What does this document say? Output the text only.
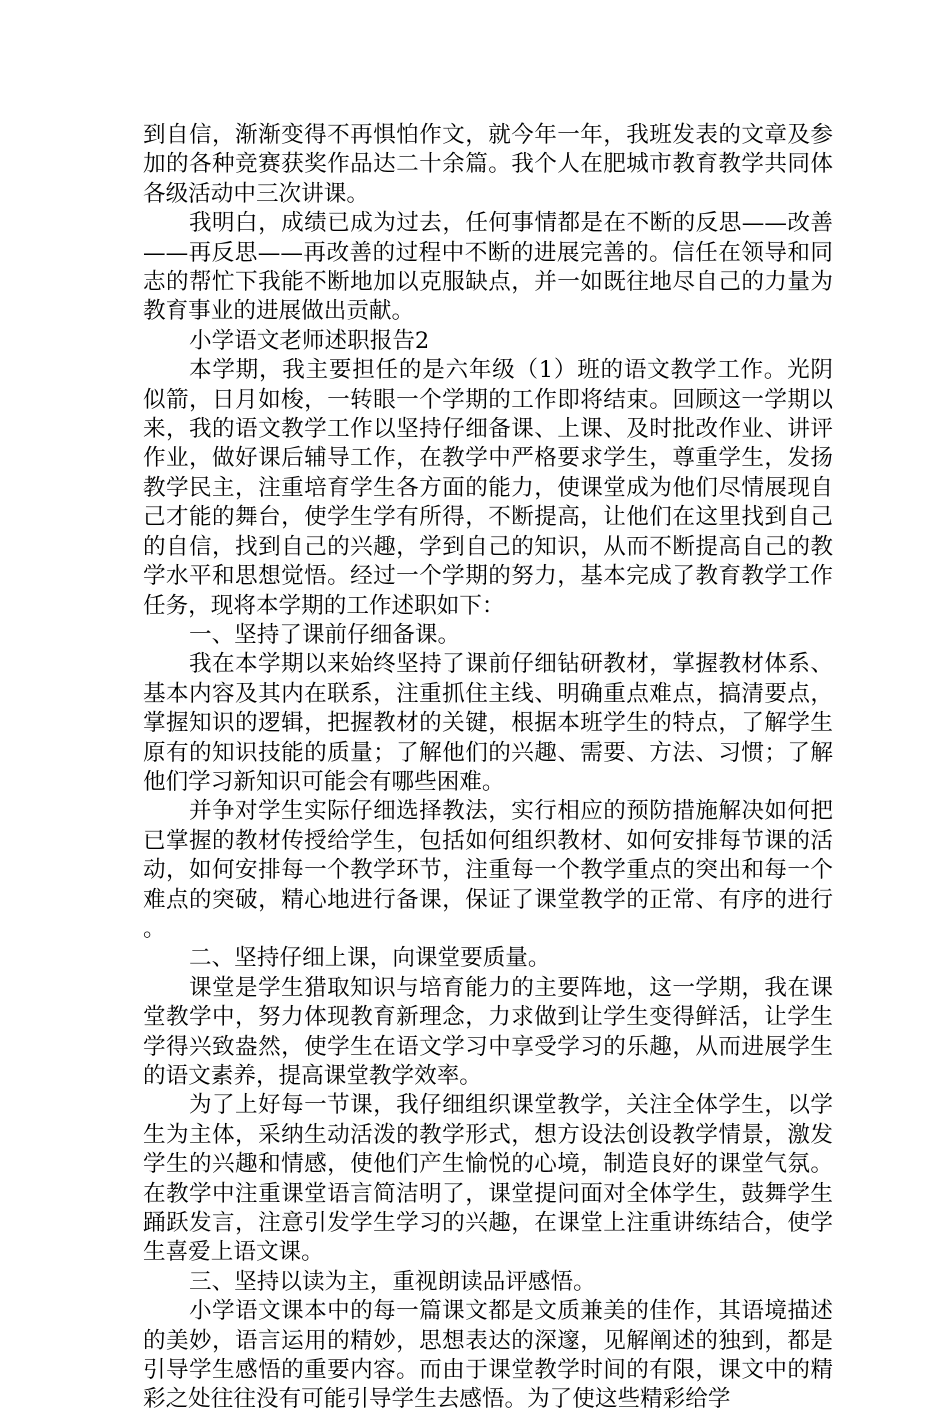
到自信，渐渐变得不再惧怕作文，就今年一年，我班发表的文章及参加的各种竞赛获奖作品达二十余篇。我个人在肥城市教育教学共同体各级活动中三次讲课。

我明白，成绩已成为过去，任何事情都是在不断的反思——改善——再反思——再改善的过程中不断的进展完善的。信任在领导和同志的帮忙下我能不断地加以克服缺点，并一如既往地尽自己的力量为教育事业的进展做出贡献。

小学语文老师述职报告2

本学期，我主要担任的是六年级（1）班的语文教学工作。光阴似箭，日月如梭，一转眼一个学期的工作即将结束。回顾这一学期以来，我的语文教学工作以坚持仔细备课、上课、及时批改作业、讲评作业，做好课后辅导工作，在教学中严格要求学生，尊重学生，发扬教学民主，注重培育学生各方面的能力，使课堂成为他们尽情展现自己才能的舞台，使学生学有所得，不断提高，让他们在这里找到自己的自信，找到自己的兴趣，学到自己的知识，从而不断提高自己的教学水平和思想觉悟。经过一个学期的努力，基本完成了教育教学工作任务，现将本学期的工作述职如下：

一、坚持了课前仔细备课。

我在本学期以来始终坚持了课前仔细钻研教材，掌握教材体系、基本内容及其内在联系，注重抓住主线、明确重点难点，搞清要点，掌握知识的逻辑，把握教材的关键，根据本班学生的特点，了解学生原有的知识技能的质量；了解他们的兴趣、需要、方法、习惯；了解他们学习新知识可能会有哪些困难。

并争对学生实际仔细选择教法，实行相应的预防措施解决如何把已掌握的教材传授给学生，包括如何组织教材、如何安排每节课的活动，如何安排每一个教学环节，注重每一个教学重点的突出和每一个难点的突破，精心地进行备课，保证了课堂教学的正常、有序的进行。

二、坚持仔细上课，向课堂要质量。

课堂是学生猎取知识与培育能力的主要阵地，这一学期，我在课堂教学中，努力体现教育新理念，力求做到让学生变得鲜活，让学生学得兴致盎然，使学生在语文学习中享受学习的乐趣，从而进展学生的语文素养，提高课堂教学效率。

为了上好每一节课，我仔细组织课堂教学，关注全体学生，以学生为主体，采纳生动活泼的教学形式，想方设法创设教学情景，激发学生的兴趣和情感，使他们产生愉悦的心境，制造良好的课堂气氛。在教学中注重课堂语言简洁明了，课堂提问面对全体学生，鼓舞学生踊跃发言，注意引发学生学习的兴趣，在课堂上注重讲练结合，使学生喜爱上语文课。

三、坚持以读为主，重视朗读品评感悟。

小学语文课本中的每一篇课文都是文质兼美的佳作，其语境描述的美妙，语言运用的精妙，思想表达的深邃，见解阐述的独到，都是引导学生感悟的重要内容。而由于课堂教学时间的有限，课文中的精彩之处往往没有可能引导学生去感悟。为了使这些精彩给学
